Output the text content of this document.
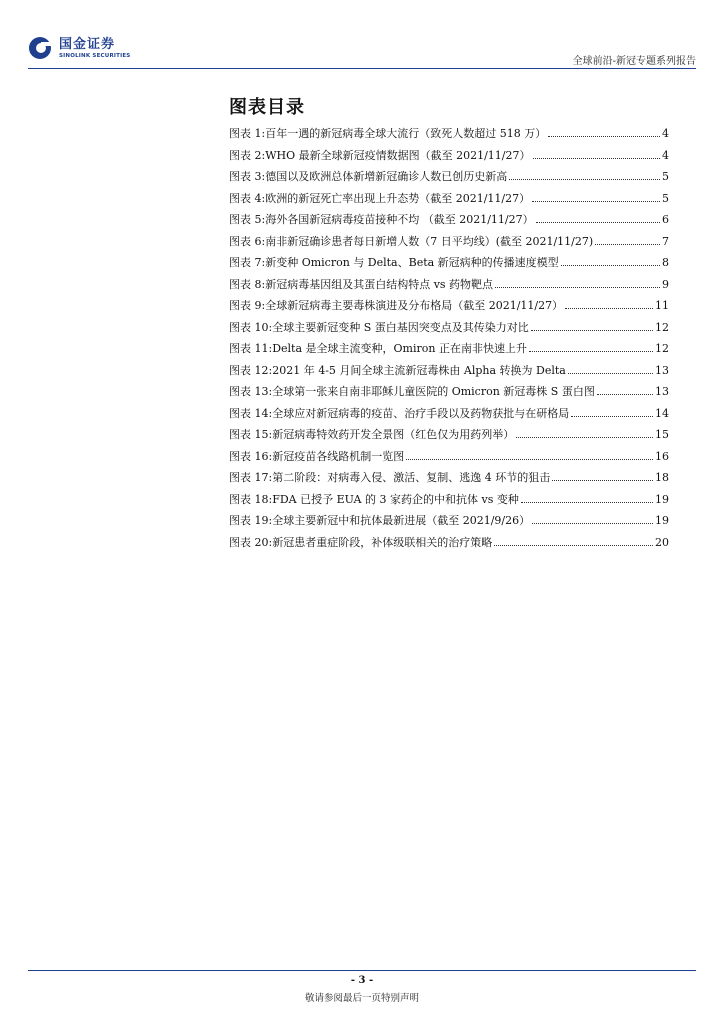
国金证券
SINOLINK SECURITIES	全球前沿-新冠专题系列报告
图表目录
图表 1: 百年一遇的新冠病毒全球大流行（致死人数超过 518 万）	4
图表 2: WHO 最新全球新冠疫情数据图（截至 2021/11/27）	4
图表 3: 德国以及欧洲总体新增新冠确诊人数已创历史新高	5
图表 4: 欧洲的新冠死亡率出现上升态势（截至 2021/11/27）	5
图表 5: 海外各国新冠病毒疫苗接种不均 （截至 2021/11/27）	6
图表 6: 南非新冠确诊患者每日新增人数（7 日平均线）(截至 2021/11/27)	7
图表 7: 新变种 Omicron 与 Delta、Beta 新冠病种的传播速度模型	8
图表 8: 新冠病毒基因组及其蛋白结构特点 vs 药物靶点	9
图表 9: 全球新冠病毒主要毒株演进及分布格局（截至 2021/11/27）	11
图表 10: 全球主要新冠变种 S 蛋白基因突变点及其传染力对比	12
图表 11: Delta 是全球主流变种，Omiron 正在南非快速上升	12
图表 12: 2021 年 4-5 月间全球主流新冠毒株由 Alpha 转换为 Delta	13
图表 13: 全球第一张来自南非耶稣儿童医院的 Omicron 新冠毒株 S 蛋白图	13
图表 14: 全球应对新冠病毒的疫苗、治疗手段以及药物获批与在研格局	14
图表 15: 新冠病毒特效药开发全景图（红色仅为用药列举）	15
图表 16: 新冠疫苗各线路机制一览图	16
图表 17: 第二阶段：对病毒入侵、激活、复制、逃逸 4 环节的狙击	18
图表 18: FDA 已授予 EUA 的 3 家药企的中和抗体 vs 变种	19
图表 19: 全球主要新冠中和抗体最新进展（截至 2021/9/26）	19
图表 20: 新冠患者重症阶段，补体级联相关的治疗策略	20
- 3 -
敬请参阅最后一页特别声明
